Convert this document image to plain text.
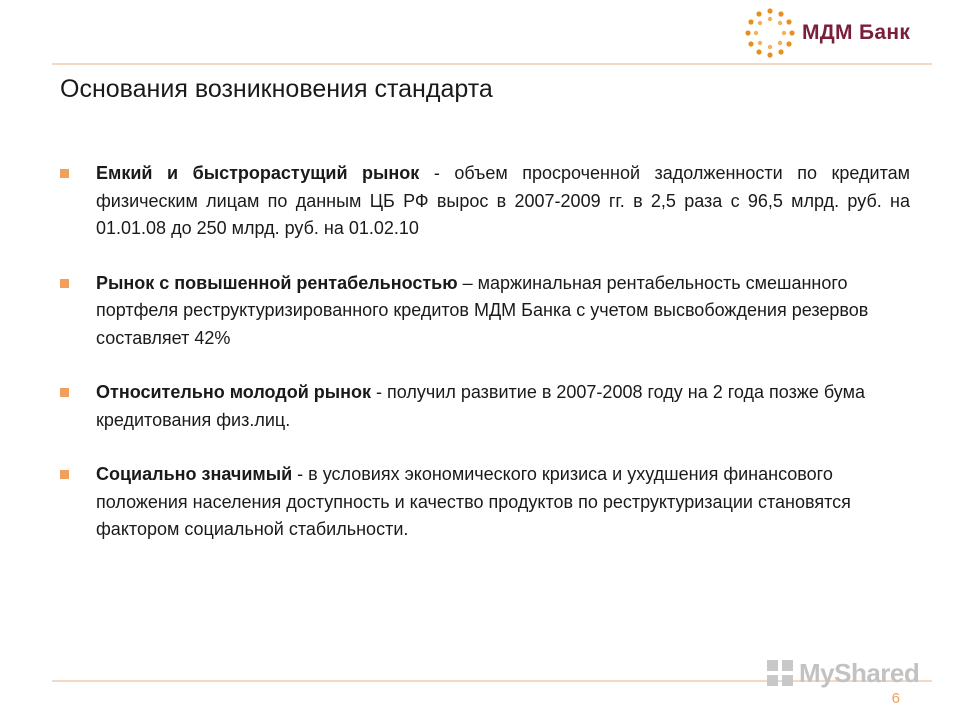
МДМ Банк
Основания возникновения стандарта
Емкий и быстрорастущий рынок - объем просроченной задолженности по кредитам физическим лицам по данным ЦБ РФ вырос в 2007-2009 гг. в 2,5 раза с 96,5 млрд. руб. на 01.01.08 до 250 млрд. руб. на 01.02.10
Рынок с повышенной рентабельностью – маржинальная рентабельность смешанного портфеля реструктуризированного кредитов МДМ Банка с учетом высвобождения резервов составляет 42%
Относительно молодой рынок - получил развитие в 2007-2008 году на 2 года позже бума кредитования физ.лиц.
Социально значимый - в условиях экономического кризиса и ухудшения финансового положения населения доступность и качество продуктов по реструктуризации становятся фактором социальной стабильности.
MyShared
6
